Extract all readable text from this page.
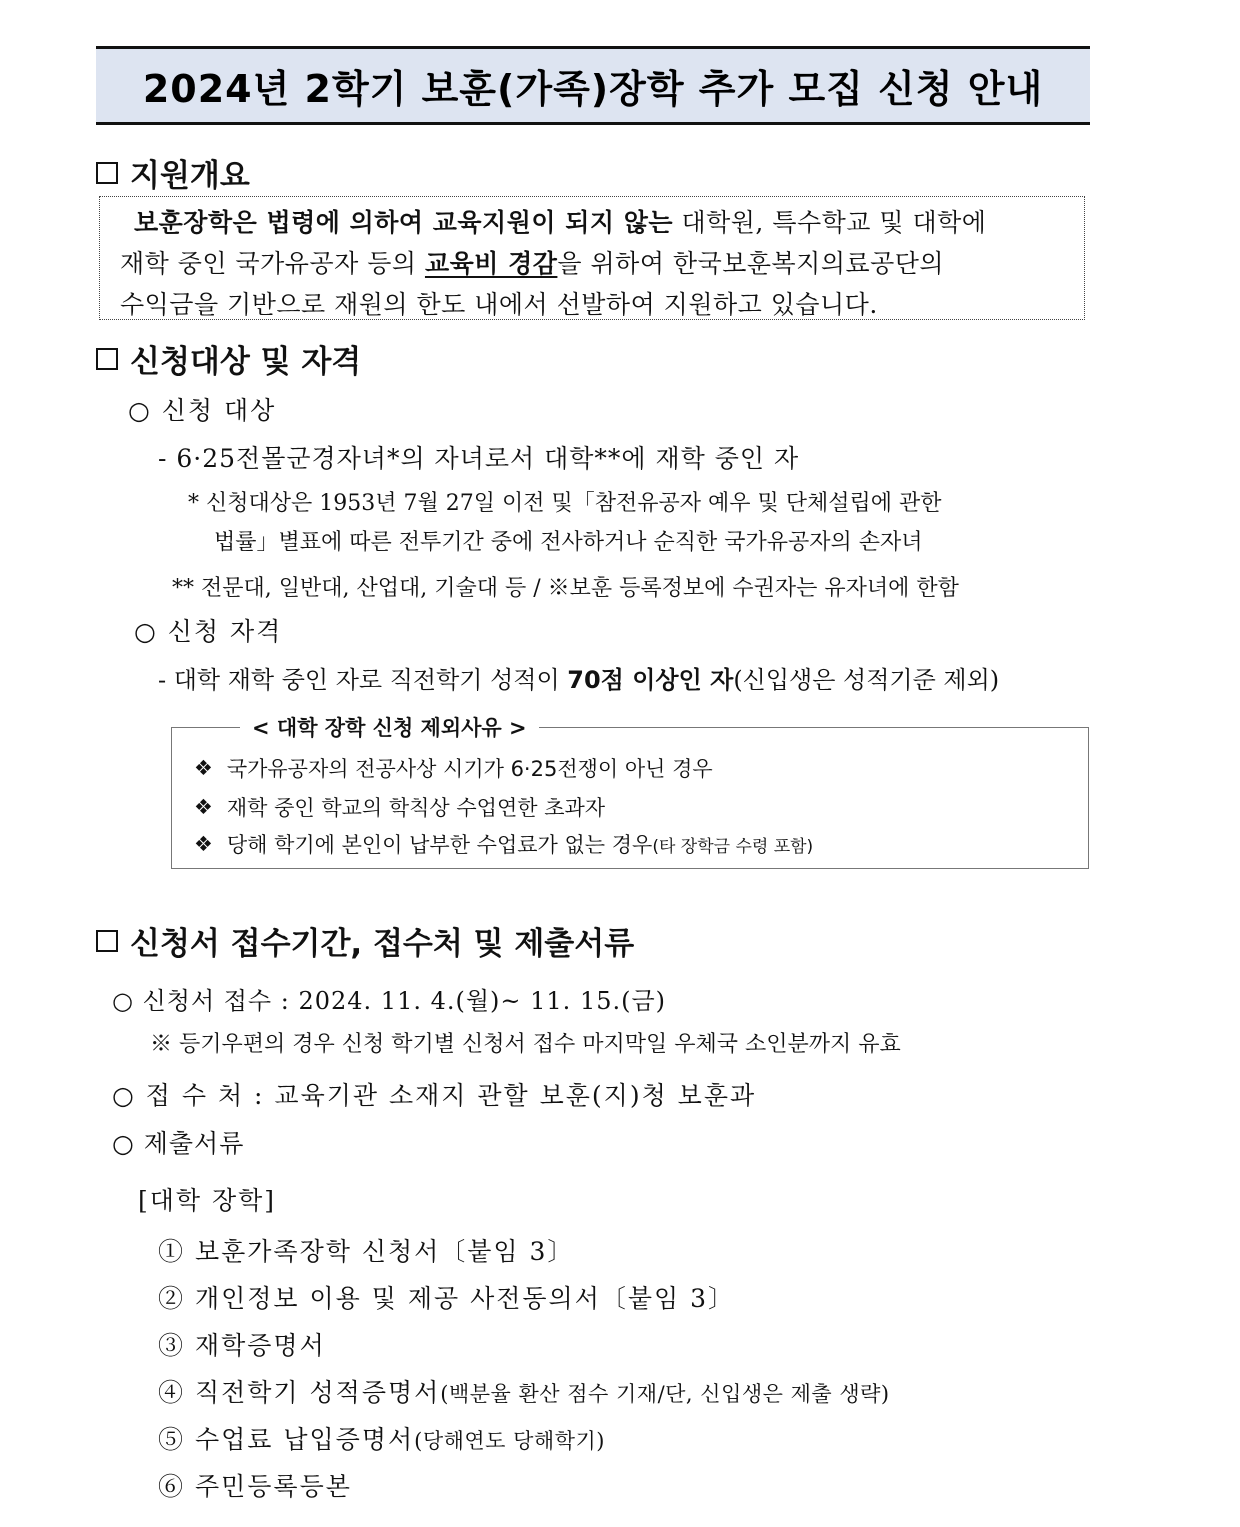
2024년 2학기 보훈(가족)장학 추가 모집 신청 안내
지원개요
보훈장학은 법령에 의하여 교육지원이 되지 않는 대학원, 특수학교 및 대학에
재학 중인 국가유공자 등의 교육비 경감을 위하여 한국보훈복지의료공단의
수익금을 기반으로 재원의 한도 내에서 선발하여 지원하고 있습니다.
신청대상 및 자격
○ 신청 대상
- 6·25전몰군경자녀*의 자녀로서 대학**에 재학 중인 자
* 신청대상은 1953년 7월 27일 이전 및「참전유공자 예우 및 단체설립에 관한
법률」별표에 따른 전투기간 중에 전사하거나 순직한 국가유공자의 손자녀
** 전문대, 일반대, 산업대, 기술대 등 / ※보훈 등록정보에 수권자는 유자녀에 한함
○ 신청 자격
- 대학 재학 중인 자로 직전학기 성적이 70점 이상인 자(신입생은 성적기준 제외)
< 대학 장학 신청 제외사유 >
❖ 국가유공자의 전공사상 시기가 6·25전쟁이 아닌 경우
❖ 재학 중인 학교의 학칙상 수업연한 초과자
❖ 당해 학기에 본인이 납부한 수업료가 없는 경우(타 장학금 수령 포함)
신청서 접수기간, 접수처 및 제출서류
○ 신청서 접수 : 2024. 11. 4.(월)~ 11. 15.(금)
※ 등기우편의 경우 신청 학기별 신청서 접수 마지막일 우체국 소인분까지 유효
○ 접 수 처 : 교육기관 소재지 관할 보훈(지)청 보훈과
○ 제출서류
[대학 장학]
① 보훈가족장학 신청서〔붙임 3〕
② 개인정보 이용 및 제공 사전동의서〔붙임 3〕
③ 재학증명서
④ 직전학기 성적증명서(백분율 환산 점수 기재/단, 신입생은 제출 생략)
⑤ 수업료 납입증명서(당해연도 당해학기)
⑥ 주민등록등본
